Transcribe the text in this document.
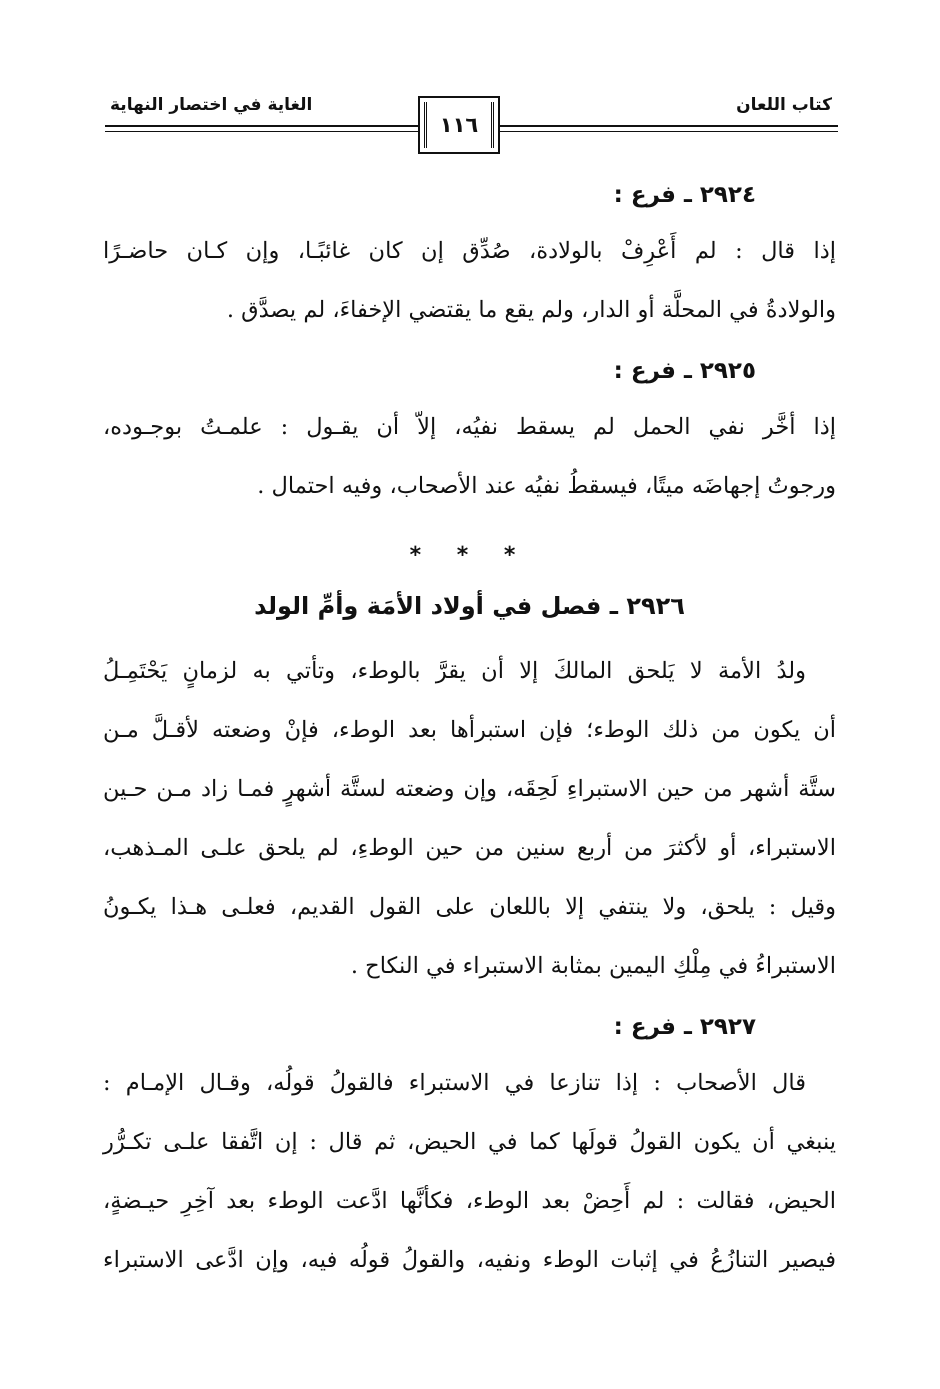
كتاب اللعان
الغاية في اختصار النهاية
١١٦
٢٩٢٤ ـ فرع :

إذا قال : لم أَعْرِفْ بالولادة، صُدِّق إن كان غائبًـا، وإن كـان حاضـرًا
والولادةُ في المحلَّة أو الدار، ولم يقع ما يقتضي الإخفاءَ، لم يصدَّق .

٢٩٢٥ ـ فرع :

إذا أخَّر نفي الحمل لم يسقط نفيُه، إلاّ أن يقـول : علمـتُ بوجـوده،
ورجوتُ إجهاضَه ميتًا، فيسقطُ نفيُه عند الأصحاب، وفيه احتمال .

* * *
٢٩٢٦ ـ فصل في أولاد الأمَة وأمِّ الولد

ولدُ الأمة لا يَلحق المالكَ إلا أن يقرَّ بالوطء، وتأتي به لزمانٍ يَحْتَمِـلُ
أن يكون من ذلك الوطء؛ فإن استبرأها بعد الوطء، فإنْ وضعته لأقـلَّ مـن
ستَّة أشهر من حين الاستبراءِ لَحِقَه، وإن وضعته لستَّة أشهرٍ فمـا زاد مـن حـين
الاستبراء، أو لأكثرَ من أربع سنين من حين الوطءِ، لم يلحق علـى المـذهب،
وقيل : يلحق، ولا ينتفي إلا باللعان على القول القديم، فعلـى هـذا يكـونُ
الاستبراءُ في مِلْكِ اليمين بمثابة الاستبراء في النكاح .

٢٩٢٧ ـ فرع :

قال الأصحاب : إذا تنازعا في الاستبراء فالقولُ قولُه، وقـال الإمـام :
ينبغي أن يكون القولُ قولَها كما في الحيض، ثم قال : إن اتَّفقا علـى تكـرُّر
الحيض، فقالت : لم أَحِضْ بعد الوطء، فكأنَّها ادَّعت الوطء بعد آخِرِ حيـضةٍ،
فيصير التنازُعُ في إثبات الوطء ونفيه، والقولُ قولُه فيه، وإن ادَّعى الاستبراء
